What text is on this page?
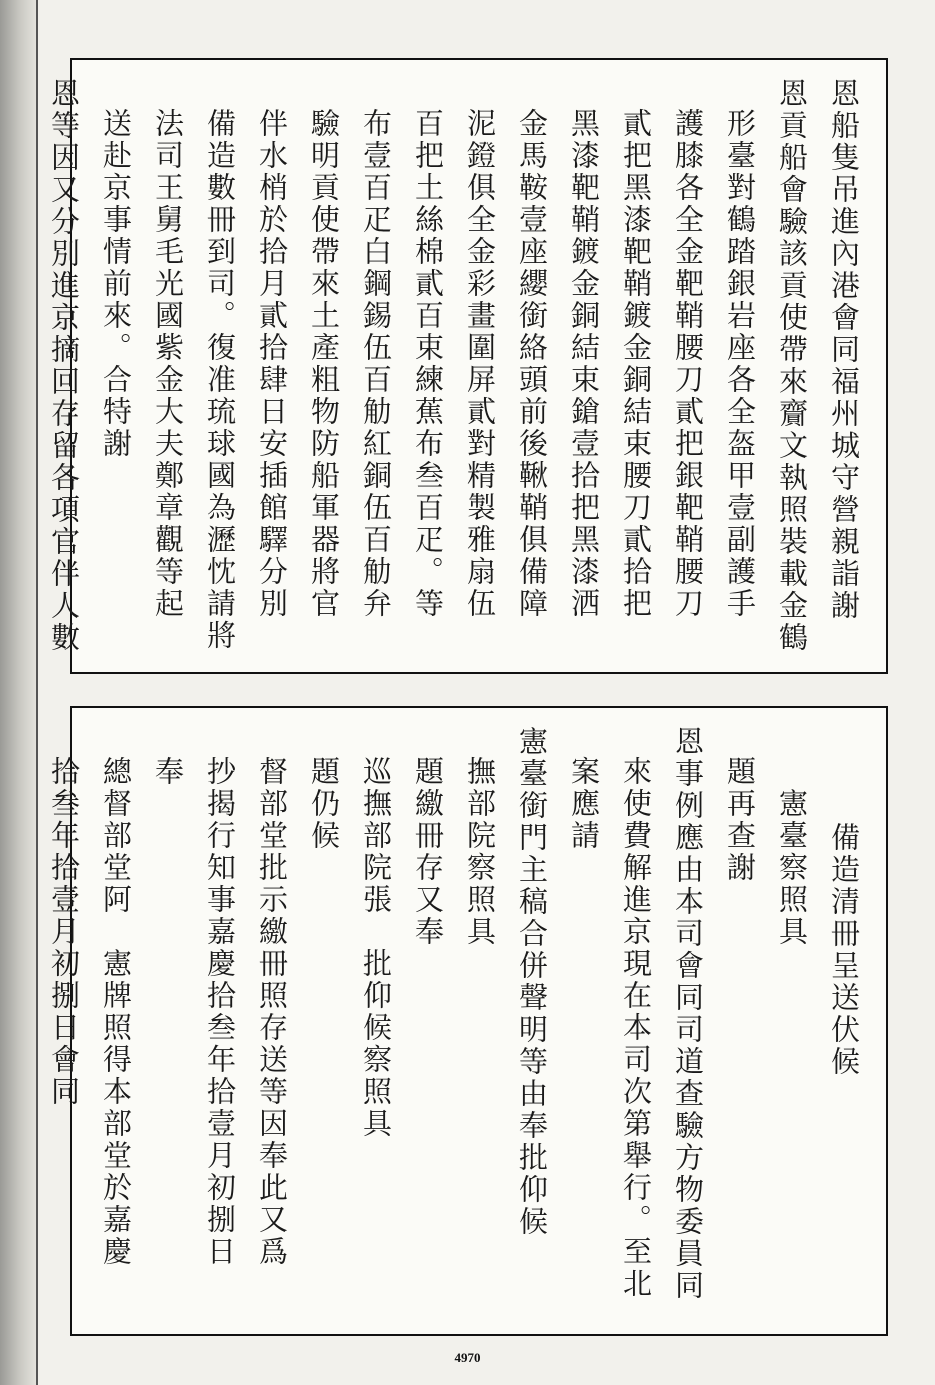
恩船隻吊進內港會同福州城守營親詣謝
恩貢船會驗該貢使帶來齎文執照裝載金鶴
形臺對鶴踏銀岩座各全盔甲壹副護手
護膝各全金靶鞘腰刀貳把銀靶鞘腰刀
貳把黑漆靶鞘鍍金銅結束腰刀貳拾把
黑漆靶鞘鍍金銅結束鎗壹拾把黑漆洒
金馬鞍壹座纓銜絡頭前後鞦鞘俱備障
泥鐙俱全金彩畫圍屏貳對精製雅扇伍
百把土絲棉貳百束練蕉布叁百疋。等
布壹百疋白鋼錫伍百觔紅銅伍百觔弁
驗明貢使帶來土產粗物防船軍器將官
伴水梢於拾月貳拾肆日安插館驛分別
備造數冊到司。復准琉球國為瀝忱請將
法司王舅毛光國紫金大夫鄭章觀等起
送赴京事情前來。合特謝
恩等因又分別進京摘回存留各項官伴人數
備造清冊呈送伏候
憲臺察照具
題再查謝
恩事例應由本司會同司道查驗方物委員同
來使費解進京現在本司次第舉行。至北
案應請
憲臺銜門主稿合併聲明等由奉批仰候
撫部院察照具
題繳冊存又奉
巡撫部院張　批仰候察照具
題仍候
督部堂批示繳冊照存送等因奉此又爲
抄揭行知事嘉慶拾叁年拾壹月初捌日
奉
總督部堂阿　憲牌照得本部堂於嘉慶
拾叁年拾壹月初捌日會同
4970
